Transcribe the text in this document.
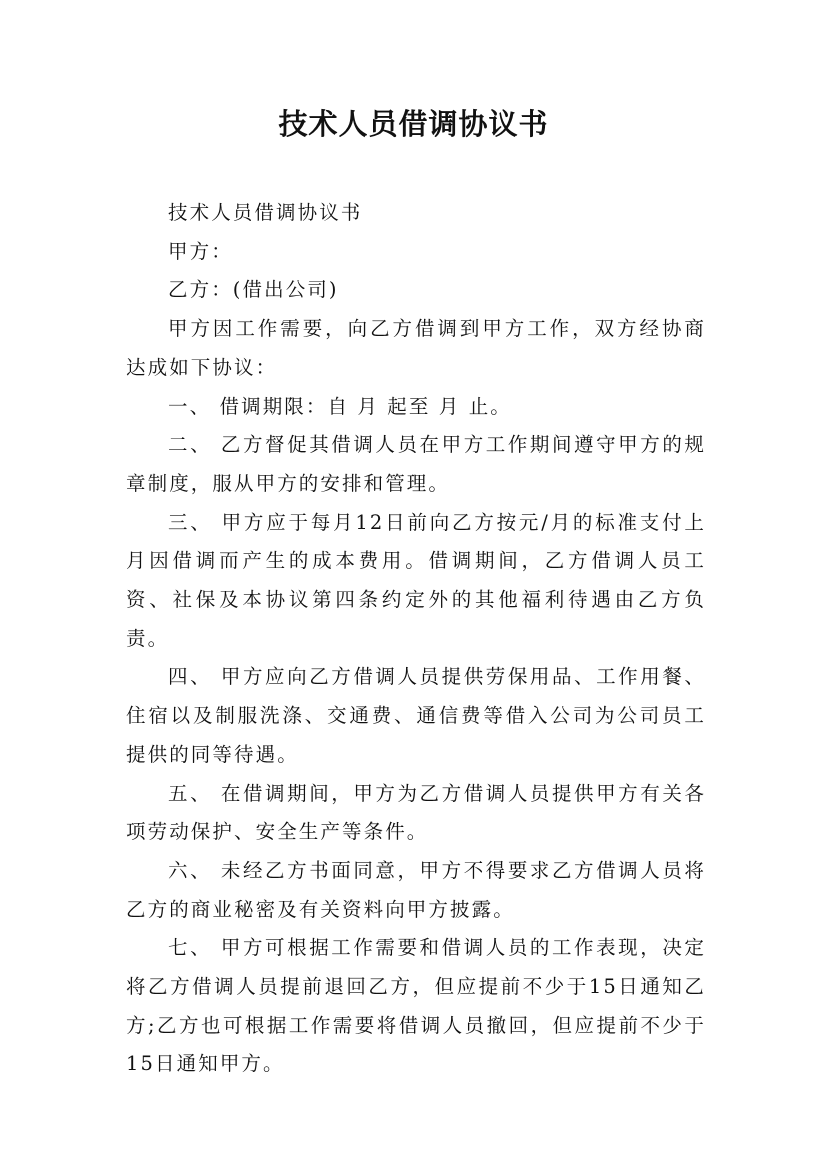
技术人员借调协议书

技术人员借调协议书

甲方：

乙方：(借出公司)

甲方因工作需要，向乙方借调到甲方工作，双方经协商达成如下协议：

一、 借调期限：自 月 起至 月 止。

二、 乙方督促其借调人员在甲方工作期间遵守甲方的规章制度，服从甲方的安排和管理。

三、 甲方应于每月12日前向乙方按元/月的标准支付上月因借调而产生的成本费用。借调期间，乙方借调人员工资、社保及本协议第四条约定外的其他福利待遇由乙方负责。

四、 甲方应向乙方借调人员提供劳保用品、工作用餐、住宿以及制服洗涤、交通费、通信费等借入公司为公司员工提供的同等待遇。

五、 在借调期间，甲方为乙方借调人员提供甲方有关各项劳动保护、安全生产等条件。

六、 未经乙方书面同意，甲方不得要求乙方借调人员将乙方的商业秘密及有关资料向甲方披露。

七、 甲方可根据工作需要和借调人员的工作表现，决定将乙方借调人员提前退回乙方，但应提前不少于15日通知乙方;乙方也可根据工作需要将借调人员撤回，但应提前不少于15日通知甲方。
